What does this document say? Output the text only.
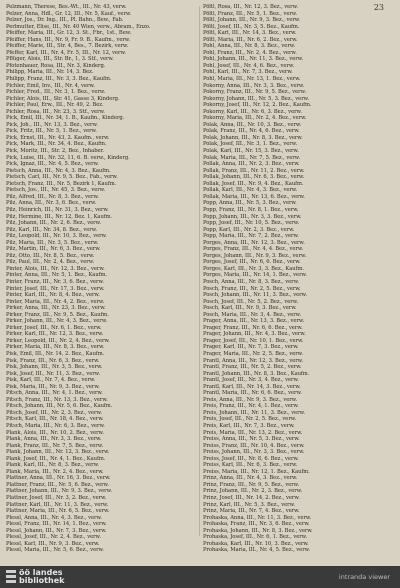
23
Pelzmann, Therese, Bes.-Wt., III., Nr. 43, verw.
Pelzer, Anna, Hdl., Gr. 12, III., Nr. 5, Kauf., verw.
Pelzer, Jos., Dr. Ing., III., Pl. Bahn., Bew., Fab.
Perlmutter, Elise, III., Nr. 40 Wien, verw., Abram., Enzo.
Pfeiffer, Maria, III., Gr. 12, 3. St., Fbr., 1st., Bew.
Pfeiffer, Hans, III., Nr. 9, Fr. 9. B., Kaufm., verw.
Pfeiffer, Marie, III., Str. 4, Bes., 7. Bezirk, verw.
Pfeffer, Karl, III., Nr. 4, Fr. 5, III., Nr. 12, verw.
Pflüger, Alois, III., Str. Br., 1, 3. Stf., verw.
Pfotenhauer, Rosa, III., Nr. 3, Kinderg.
Philipp, Maria, III., Nr. 14, 3. Bez.
Philipp, Franz, III., Nr. 3, 3. Bez., Kaufm.
Pichler, Emil, Inv., III., Nr. 4, verw.
Pichler, Fred., III., Nr. 3, 1. Bez., verw.
Pichler, Alois, III., Str. 41, Gasse 3, Kinderg.
Pichler, Paul, Erw., III., Nr. 49, 2. Bez.
Pichler, Rosa, III., Nr. 23, 3. Stf., verw.
Pick, Emil, III., Nr. 34, 1. B., Kaufm., Kinderg.
Pick, Joh., III., Nr. 13, 3. Bez., verw.
Pick, Fritz, III., Nr. 5, 1. Bez., verw.
Pick, Ernst, III., Nr. 43, 2. Kaufm., verw.
Pick, Mark, III., Nr. 34, 4. Bez., Kaufm.
Pick, Moritz, III., Str. 2, Bez., Inhaber.
Pick, Luise, III., Nr. 32, 11, 6. B. verw., Kinderg.
Pick, Ignaz, III., Nr. 4, 5. Bez., verw.
Pietsch, Anna, III., Nr. 4, 3. Bez., Kaufm.
Pietsch, Carl, III., Nr. 9, 5. Bez., Fab., verw.
Pietsch, Franz, III., Nr. 5, Bezirk 1, Kaufm.
Pietsch, Jos., III., Nr. 45, 3. Bez., verw.
Pilz, Alfred, III., Nr. 8, 3. Bez., verw.
Pilz, Anna, III., Nr. 3, 6. Bez., verw.
Pilz, Heinrich, III., Nr. 31, 3. Bez., verw.
Pilz, Hermine, III., Nr. 12, Bez. 1, Kaufm.
Pilz, Johann, III., Nr. 2, 6. Bez., verw.
Pilz, Karl, III., Nr. 34, 8. Bez., verw.
Pilz, Leopold, III., Nr. 10, 3. Bez., verw.
Pilz, Maria, III., Nr. 3, 5. Bez., verw.
Pilz, Martin, III., Nr. 6, 3. Bez., verw.
Pilz, Otto, III., Nr. 8, 5. Bez., verw.
Pilz, Paul, III., Nr. 2, 4. Bez., verw.
Pinter, Alois, III., Nr. 12, 3. Bez., verw.
Pinter, Anna, III., Nr. 5, 1. Bez., Kaufm.
Pinter, Franz, III., Nr. 3, 6. Bez., verw.
Pinter, Josef, III., Nr. 17, 3. Bez., verw.
Pinter, Karl, III., Nr. 8, 4. Bez., verw.
Pinter, Maria, III., Nr. 4, 2. Bez., verw.
Pirker, Anna, III., Nr. 23, 3. Bez., verw.
Pirker, Franz, III., Nr. 9, 5. Bez., Kaufm.
Pirker, Johann, III., Nr. 4, 3. Bez., verw.
Pirker, Josef, III., Nr. 6, 1. Bez., verw.
Pirker, Karl, III., Nr. 12, 3. Bez., verw.
Pirker, Leopold, III., Nr. 2, 4. Bez., verw.
Pirker, Maria, III., Nr. 8, 3. Bez., verw.
Pisk, Emil, III., Nr. 14, 2. Bez., Kaufm.
Pisk, Franz, III., Nr. 6, 3. Bez., verw.
Pisk, Johann, III., Nr. 3, 5. Bez., verw.
Pisk, Josef, III., Nr. 11, 3. Bez., verw.
Pisk, Karl, III., Nr. 7, 4. Bez., verw.
Pisk, Maria, III., Nr. 9, 3. Bez., verw.
Pitsch, Anna, III., Nr. 4, 1. Bez., verw.
Pitsch, Franz, III., Nr. 13, 3. Bez., verw.
Pitsch, Johann, III., Nr. 5, 6. Bez., Kaufm.
Pitsch, Josef, III., Nr. 2, 3. Bez., verw.
Pitsch, Karl, III., Nr. 18, 4. Bez., verw.
Pitsch, Maria, III., Nr. 6, 3. Bez., verw.
Plank, Alois, III., Nr. 10, 2. Bez., verw.
Plank, Anna, III., Nr. 3, 3. Bez., verw.
Plank, Franz, III., Nr. 7, 5. Bez., verw.
Plank, Johann, III., Nr. 12, 3. Bez., verw.
Plank, Josef, III., Nr. 4, 1. Bez., Kaufm.
Plank, Karl, III., Nr. 8, 3. Bez., verw.
Plank, Maria, III., Nr. 2, 4. Bez., verw.
Plattner, Anna, III., Nr. 16, 3. Bez., verw.
Plattner, Franz, III., Nr. 5, 6. Bez., verw.
Plattner, Johann, III., Nr. 9, 3. Bez., verw.
Plattner, Josef, III., Nr. 3, 2. Bez., verw.
Plattner, Karl, III., Nr. 11, 3. Bez., verw.
Plattner, Maria, III., Nr. 6, 5. Bez., verw.
Plessl, Anna, III., Nr. 4, 3. Bez., verw.
Plessl, Franz, III., Nr. 14, 1. Bez., verw.
Plessl, Johann, III., Nr. 7, 3. Bez., verw.
Plessl, Josef, III., Nr. 2, 4. Bez., verw.
Plessl, Karl, III., Nr. 9, 3. Bez., verw.
Plessl, Maria, III., Nr. 5, 6. Bez., verw.
Pöltl, Rosa, III., Nr. 12, 3. Bez., verw.
Pöltl, Franz, III., Nr. 5, 1. Bez., verw.
Pöltl, Johann, III., Nr. 9, 3. Bez., verw.
Pöltl, Josef, III., Nr. 3, 5. Bez., Kaufm.
Pöltl, Karl, III., Nr. 14, 3. Bez., verw.
Pöltl, Maria, III., Nr. 6, 2. Bez., verw.
Pohl, Anna, III., Nr. 8, 3. Bez., verw.
Pohl, Franz, III., Nr. 2, 4. Bez., verw.
Pohl, Johann, III., Nr. 11, 3. Bez., verw.
Pohl, Josef, III., Nr. 4, 6. Bez., verw.
Pohl, Karl, III., Nr. 7, 3. Bez., verw.
Pohl, Maria, III., Nr. 13, 1. Bez., verw.
Pokorny, Anna, III., Nr. 3, 3. Bez., verw.
Pokorny, Franz, III., Nr. 9, 5. Bez., verw.
Pokorny, Johann, III., Nr. 5, 3. Bez., verw.
Pokorny, Josef, III., Nr. 12, 2. Bez., Kaufm.
Pokorny, Karl, III., Nr. 6, 3. Bez., verw.
Pokorny, Maria, III., Nr. 2, 4. Bez., verw.
Polak, Anna, III., Nr. 10, 3. Bez., verw.
Polak, Franz, III., Nr. 4, 6. Bez., verw.
Polak, Johann, III., Nr. 8, 3. Bez., verw.
Polak, Josef, III., Nr. 3, 1. Bez., verw.
Polak, Karl, III., Nr. 15, 3. Bez., verw.
Polak, Maria, III., Nr. 7, 5. Bez., verw.
Pollak, Anna, III., Nr. 2, 3. Bez., verw.
Pollak, Franz, III., Nr. 11, 2. Bez., verw.
Pollak, Johann, III., Nr. 6, 3. Bez., verw.
Pollak, Josef, III., Nr. 9, 4. Bez., Kaufm.
Pollak, Karl, III., Nr. 4, 3. Bez., verw.
Pollak, Maria, III., Nr. 13, 6. Bez., verw.
Popp, Anna, III., Nr. 5, 3. Bez., verw.
Popp, Franz, III., Nr. 8, 1. Bez., verw.
Popp, Johann, III., Nr. 3, 3. Bez., verw.
Popp, Josef, III., Nr. 10, 5. Bez., verw.
Popp, Karl, III., Nr. 2, 3. Bez., verw.
Popp, Maria, III., Nr. 7, 2. Bez., verw.
Porges, Anna, III., Nr. 12, 3. Bez., verw.
Porges, Franz, III., Nr. 4, 4. Bez., verw.
Porges, Johann, III., Nr. 9, 3. Bez., verw.
Porges, Josef, III., Nr. 6, 6. Bez., verw.
Porges, Karl, III., Nr. 3, 3. Bez., Kaufm.
Porges, Maria, III., Nr. 14, 1. Bez., verw.
Posch, Anna, III., Nr. 8, 3. Bez., verw.
Posch, Franz, III., Nr. 2, 5. Bez., verw.
Posch, Johann, III., Nr. 11, 3. Bez., verw.
Posch, Josef, III., Nr. 5, 2. Bez., verw.
Posch, Karl, III., Nr. 9, 3. Bez., verw.
Posch, Maria, III., Nr. 3, 4. Bez., verw.
Prager, Anna, III., Nr. 13, 3. Bez., verw.
Prager, Franz, III., Nr. 6, 6. Bez., verw.
Prager, Johann, III., Nr. 4, 3. Bez., verw.
Prager, Josef, III., Nr. 10, 1. Bez., verw.
Prager, Karl, III., Nr. 7, 3. Bez., verw.
Prager, Maria, III., Nr. 2, 5. Bez., verw.
Prantl, Anna, III., Nr. 12, 3. Bez., verw.
Prantl, Franz, III., Nr. 5, 2. Bez., verw.
Prantl, Johann, III., Nr. 8, 3. Bez., Kaufm.
Prantl, Josef, III., Nr. 3, 4. Bez., verw.
Prantl, Karl, III., Nr. 14, 3. Bez., verw.
Prantl, Maria, III., Nr. 6, 6. Bez., verw.
Preis, Anna, III., Nr. 9, 3. Bez., verw.
Preis, Franz, III., Nr. 4, 1. Bez., verw.
Preis, Johann, III., Nr. 11, 3. Bez., verw.
Preis, Josef, III., Nr. 2, 5. Bez., verw.
Preis, Karl, III., Nr. 7, 3. Bez., verw.
Preis, Maria, III., Nr. 13, 2. Bez., verw.
Preiss, Anna, III., Nr. 5, 3. Bez., verw.
Preiss, Franz, III., Nr. 10, 4. Bez., verw.
Preiss, Johann, III., Nr. 3, 3. Bez., verw.
Preiss, Josef, III., Nr. 8, 6. Bez., verw.
Preiss, Karl, III., Nr. 6, 3. Bez., verw.
Preiss, Maria, III., Nr. 12, 1. Bez., Kaufm.
Prinz, Anna, III., Nr. 4, 3. Bez., verw.
Prinz, Franz, III., Nr. 9, 5. Bez., verw.
Prinz, Johann, III., Nr. 2, 3. Bez., verw.
Prinz, Josef, III., Nr. 14, 2. Bez., verw.
Prinz, Karl, III., Nr. 5, 3. Bez., verw.
Prinz, Maria, III., Nr. 7, 4. Bez., verw.
Prohaska, Anna, III., Nr. 11, 3. Bez., verw.
Prohaska, Franz, III., Nr. 3, 6. Bez., verw.
Prohaska, Johann, III., Nr. 8, 3. Bez., verw.
Prohaska, Josef, III., Nr. 6, 1. Bez., verw.
Prohaska, Karl, III., Nr. 10, 3. Bez., verw.
Prohaska, Maria, III., Nr. 4, 5. Bez., verw.
öö landes
bibliothek	intranda viewer
